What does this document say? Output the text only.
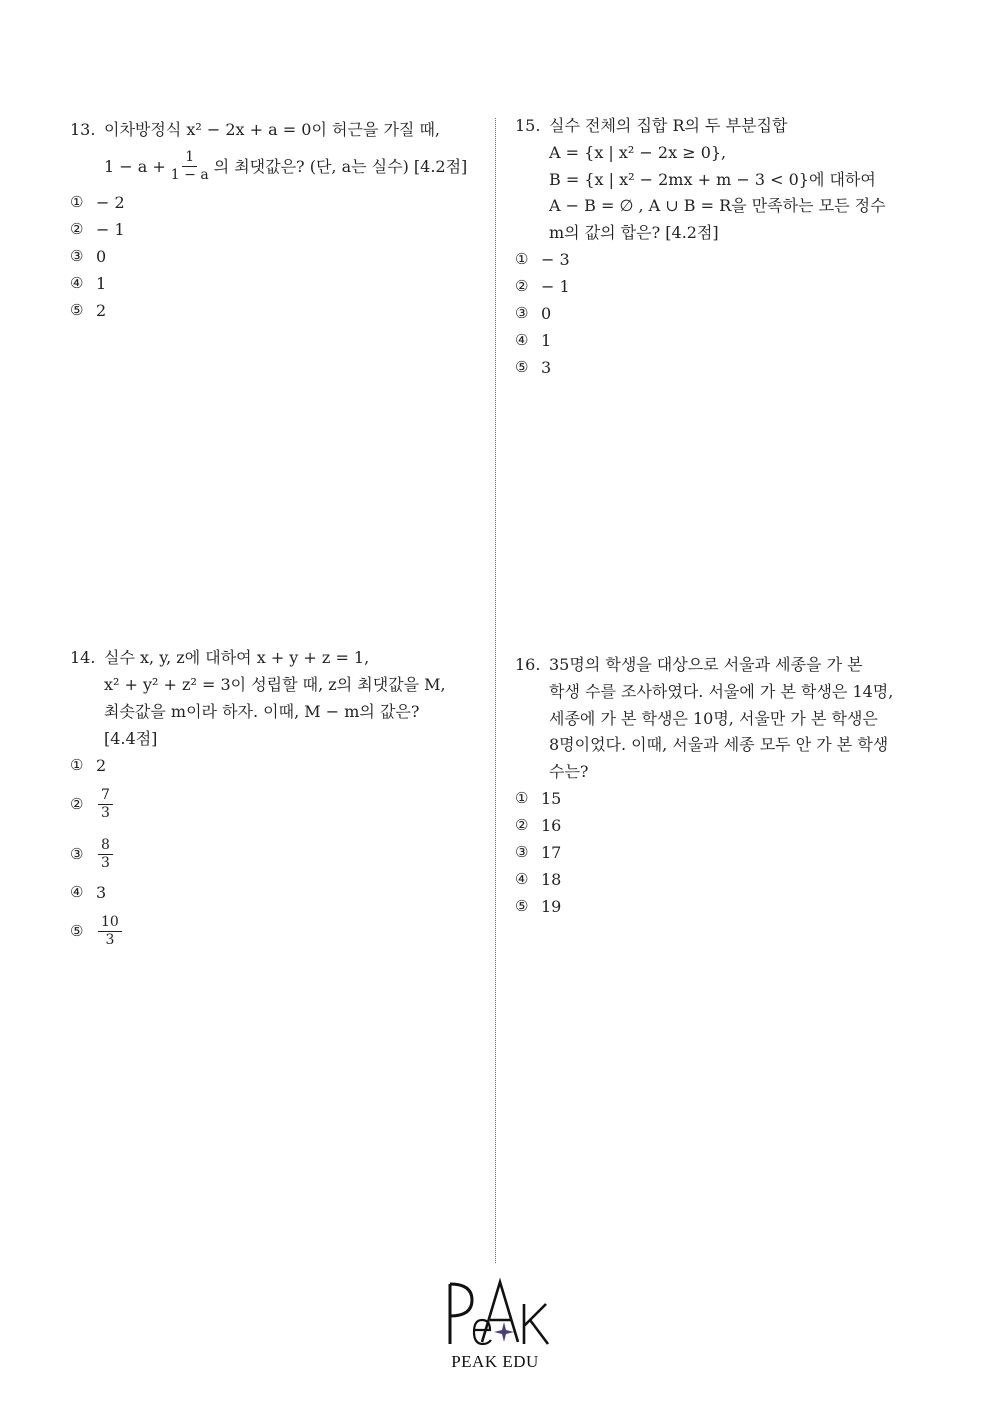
13. 이차방정식 x² − 2x + a = 0이 허근을 가질 때,
$1 - a + \frac{1}{1 - a}$ 의 최댓값은? (단, a는 실수) [4.2점]
① − 2
② − 1
③ 0
④ 1
⑤ 2
14. 실수 x, y, z에 대하여 x + y + z = 1,
x² + y² + z² = 3이 성립할 때, z의 최댓값을 M,
최솟값을 m이라 하자. 이때, M − m의 값은?
[4.4점]
① 2
②	$\frac{7}{3}$
③	$\frac{8}{3}$
④ 3
⑤	$\frac{10}{3}$
15. 실수 전체의 집합 R의 두 부분집합
A = {x | x² − 2x ≥ 0},
B = {x | x² − 2mx + m − 3 < 0}에 대하여
A − B = ∅ , A ∪ B = R을 만족하는 모든 정수
m의 값의 합은? [4.2점]
① − 3
② − 1
③ 0
④ 1
⑤ 3
16. 35명의 학생을 대상으로 서울과 세종을 가 본
학생 수를 조사하였다. 서울에 가 본 학생은 14명,
세종에 가 본 학생은 10명, 서울만 가 본 학생은
8명이었다. 이때, 서울과 세종 모두 안 가 본 학생
수는?
① 15
② 16
③ 17
④ 18
⑤ 19
PEAK EDU
